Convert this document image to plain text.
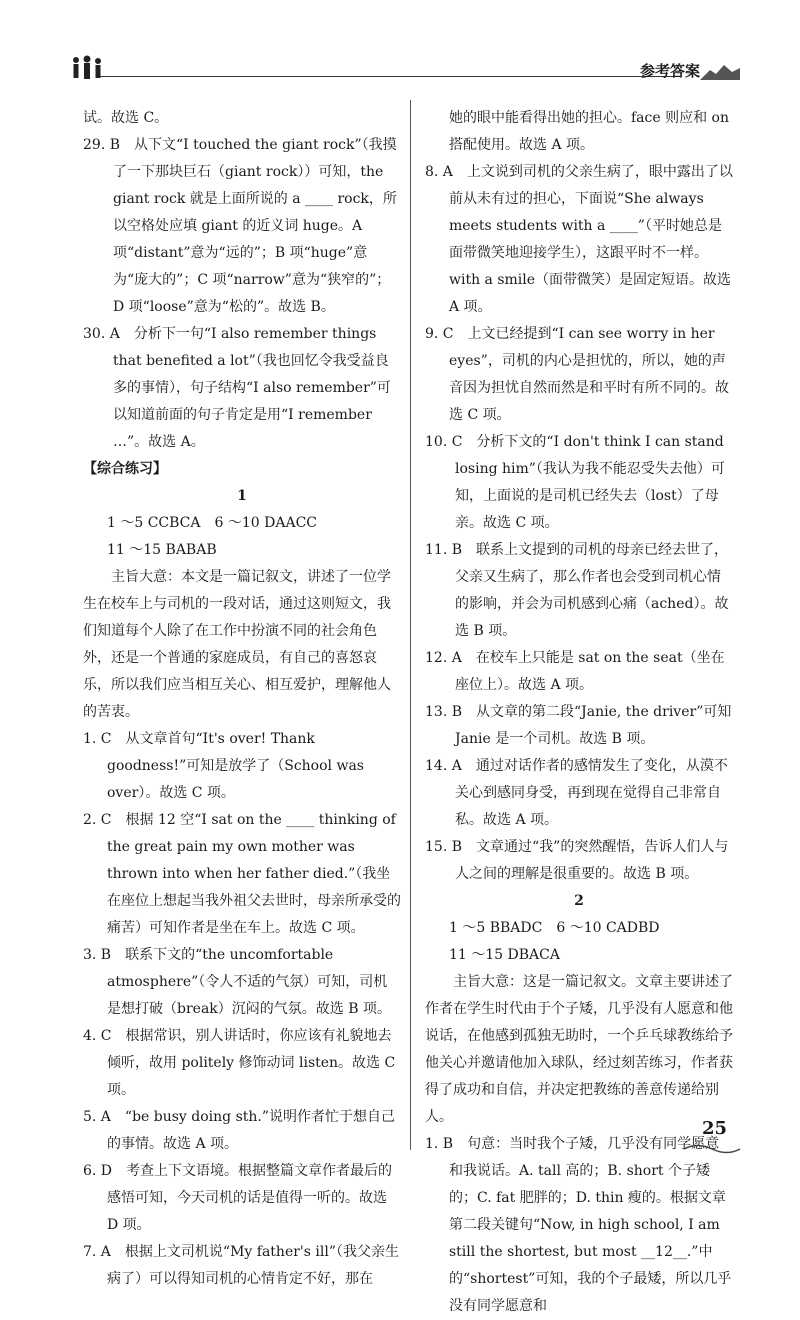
参考答案

试。故选 C。

29. B　从下文“I touched the giant rock”（我摸了一下那块巨石（giant rock））可知，the giant rock 就是上面所说的 a ____ rock，所以空格处应填 giant 的近义词 huge。A 项“distant”意为“远的”；B 项“huge”意为“庞大的”；C 项“narrow”意为“狭窄的”；D 项“loose”意为“松的”。故选 B。

30. A　分析下一句“I also remember things that benefited a lot”（我也回忆令我受益良多的事情），句子结构“I also remember”可以知道前面的句子肯定是用“I remember …”。故选 A。

【综合练习】

1

1 ～5 CCBCA　6 ～10 DAACC

11 ～15 BABAB

主旨大意：本文是一篇记叙文，讲述了一位学生在校车上与司机的一段对话，通过这则短文，我们知道每个人除了在工作中扮演不同的社会角色外，还是一个普通的家庭成员，有自己的喜怒哀乐，所以我们应当相互关心、相互爱护，理解他人的苦衷。

1. C　从文章首句“It's over! Thank goodness!”可知是放学了（School was over）。故选 C 项。

2. C　根据 12 空“I sat on the ____ thinking of the great pain my own mother was thrown into when her father died.”（我坐在座位上想起当我外祖父去世时，母亲所承受的痛苦）可知作者是坐在车上。故选 C 项。

3. B　联系下文的“the uncomfortable atmosphere”（令人不适的气氛）可知，司机是想打破（break）沉闷的气氛。故选 B 项。

4. C　根据常识，别人讲话时，你应该有礼貌地去倾听，故用 politely 修饰动词 listen。故选 C 项。

5. A　“be busy doing sth.”说明作者忙于想自己的事情。故选 A 项。

6. D　考查上下文语境。根据整篇文章作者最后的感悟可知，今天司机的话是值得一听的。故选 D 项。

7. A　根据上文司机说“My father's ill”（我父亲生病了）可以得知司机的心情肯定不好，那在

她的眼中能看得出她的担心。face 则应和 on 搭配使用。故选 A 项。

8. A　上文说到司机的父亲生病了，眼中露出了以前从未有过的担心，下面说“She always meets students with a ____”（平时她总是面带微笑地迎接学生），这跟平时不一样。with a smile（面带微笑）是固定短语。故选 A 项。

9. C　上文已经提到“I can see worry in her eyes”，司机的内心是担忧的，所以，她的声音因为担忧自然而然是和平时有所不同的。故选 C 项。

10. C　分析下文的“I don't think I can stand losing him”（我认为我不能忍受失去他）可知，上面说的是司机已经失去（lost）了母亲。故选 C 项。

11. B　联系上文提到的司机的母亲已经去世了，父亲又生病了，那么作者也会受到司机心情的影响，并会为司机感到心痛（ached）。故选 B 项。

12. A　在校车上只能是 sat on the seat（坐在座位上）。故选 A 项。

13. B　从文章的第二段“Janie, the driver”可知 Janie 是一个司机。故选 B 项。

14. A　通过对话作者的感情发生了变化，从漠不关心到感同身受，再到现在觉得自己非常自私。故选 A 项。

15. B　文章通过“我”的突然醒悟，告诉人们人与人之间的理解是很重要的。故选 B 项。

2

1 ～5 BBADC　6 ～10 CADBD

11 ～15 DBACA

主旨大意：这是一篇记叙文。文章主要讲述了作者在学生时代由于个子矮，几乎没有人愿意和他说话，在他感到孤独无助时，一个乒乓球教练给予他关心并邀请他加入球队，经过刻苦练习，作者获得了成功和自信，并决定把教练的善意传递给别人。

1. B　句意：当时我个子矮，几乎没有同学愿意和我说话。A. tall 高的；B. short 个子矮的；C. fat 肥胖的；D. thin 瘦的。根据文章第二段关键句“Now, in high school, I am still the shortest, but most __12__.”中的“shortest”可知，我的个子最矮，所以几乎没有同学愿意和

25
